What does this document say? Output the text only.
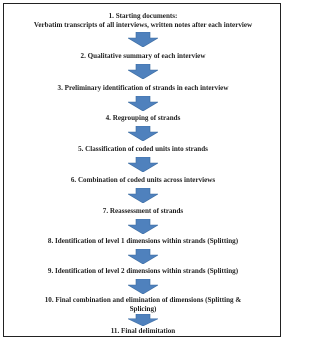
1. Starting documents:
Verbatim transcripts of all interviews, written notes after each interview
2. Qualitative summary of each interview
3. Preliminary identification of strands in each interview
4. Regrouping of strands
5. Classification of coded units into strands
6. Combination of coded units across interviews
7. Reassessment of strands
8. Identification of level 1 dimensions within strands (Splitting)
9. Identification of level 2 dimensions within strands (Splitting)
10. Final combination and elimination of dimensions (Splitting &
Splicing)
11. Final delimitation
